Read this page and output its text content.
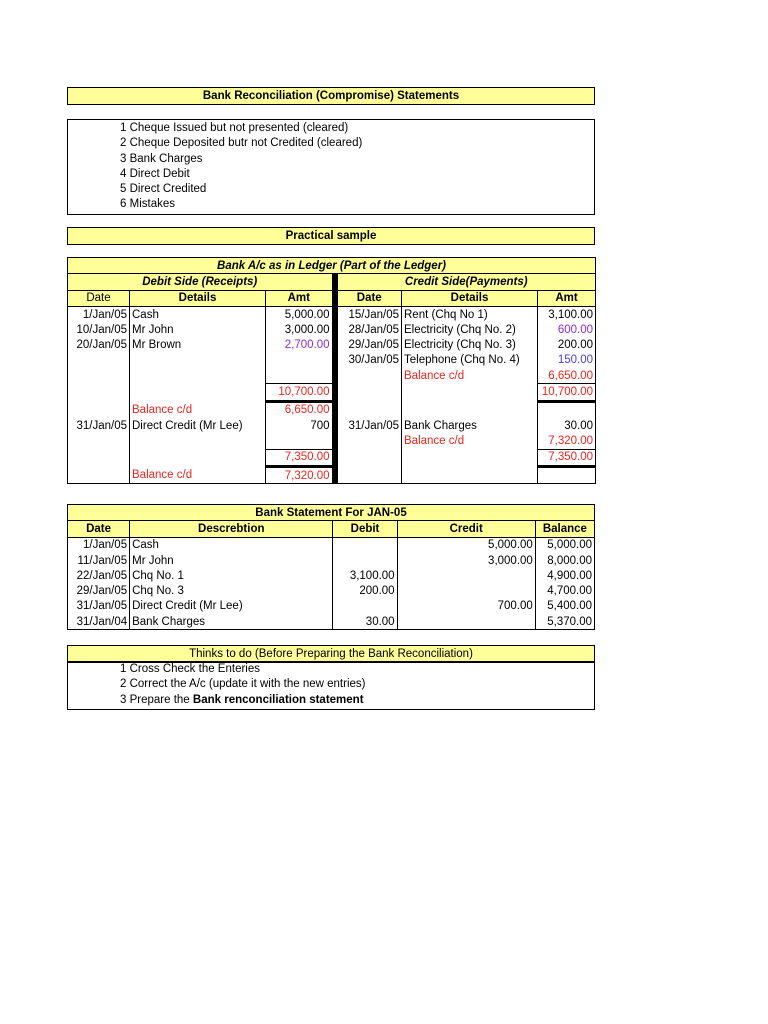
Bank Reconciliation (Compromise) Statements
1 Cheque Issued but not presented (cleared)
2 Cheque Deposited butr not Credited (cleared)
3 Bank Charges
4 Direct Debit
5 Direct Credited
6 Mistakes
Practical sample
Bank A/c as in Ledger (Part of the Ledger)						
Debit Side (Receipts)				Credit Side(Payments)		
Date	Details	Amt		Date	Details	Amt
1/Jan/05	Cash	5,000.00		15/Jan/05	Rent (Chq No 1)	3,100.00
10/Jan/05	Mr John	3,000.00		28/Jan/05	Electricity (Chq No. 2)	600.00
20/Jan/05	Mr Brown	2,700.00		29/Jan/05	Electricity (Chq No. 3)	200.00
				30/Jan/05	Telephone (Chq No. 4)	150.00
					Balance c/d	6,650.00
		10,700.00				10,700.00
	Balance c/d	6,650.00				
31/Jan/05	Direct Credit (Mr Lee)	700		31/Jan/05	Bank Charges	30.00
					Balance c/d	7,320.00
		7,350.00				7,350.00
	Balance c/d	7,320.00				
Bank Statement For JAN-05				
Date	Descrebtion	Debit	Credit	Balance
1/Jan/05	Cash		5,000.00	5,000.00
11/Jan/05	Mr John		3,000.00	8,000.00
22/Jan/05	Chq No. 1	3,100.00		4,900.00
29/Jan/05	Chq No. 3	200.00		4,700.00
31/Jan/05	Direct Credit (Mr Lee)		700.00	5,400.00
31/Jan/04	Bank Charges	30.00		5,370.00
Thinks to do (Before Preparing the Bank Reconciliation)
1 Cross Check the Enteries
2 Correct the A/c (update it with the new entries)
3 Prepare the Bank renconciliation statement
